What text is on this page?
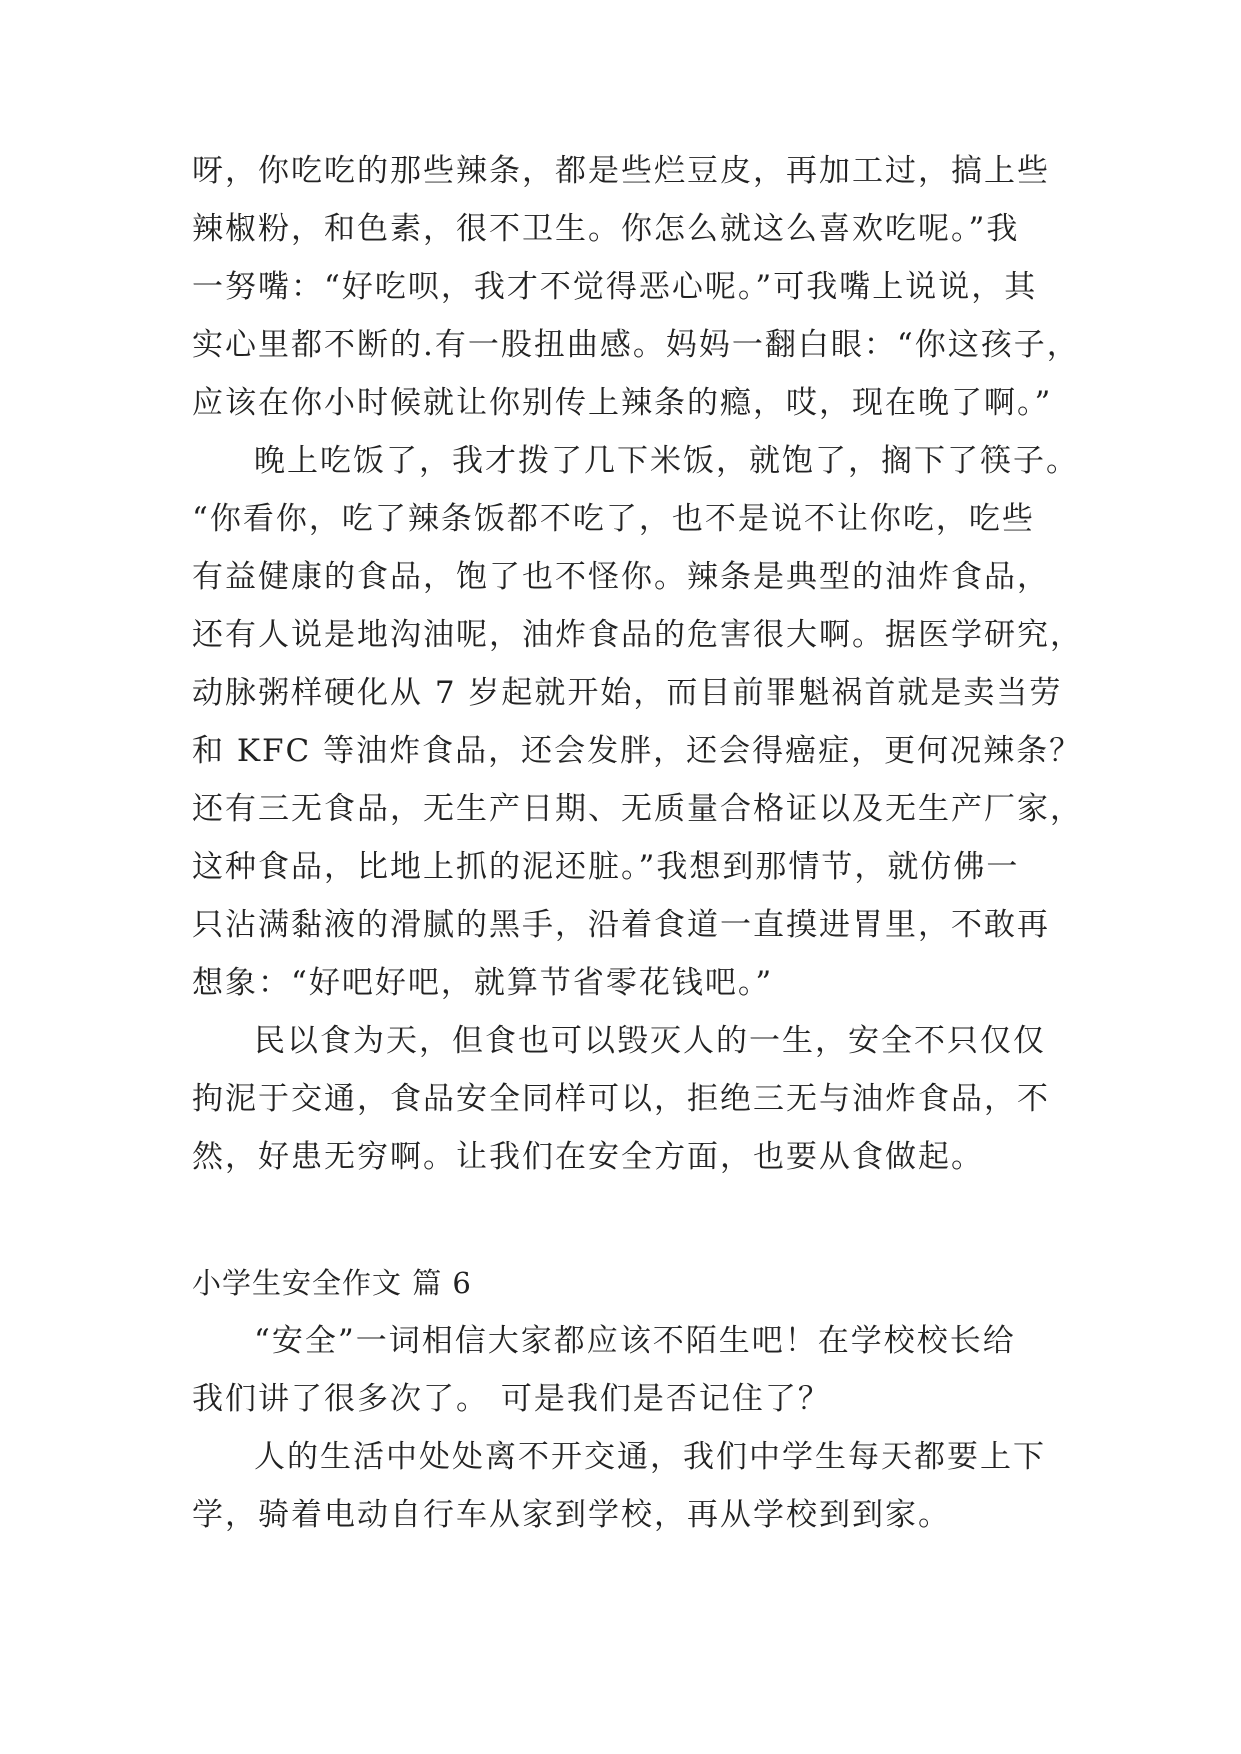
呀，你吃吃的那些辣条，都是些烂豆皮，再加工过，搞上些
辣椒粉，和色素，很不卫生。你怎么就这么喜欢吃呢。”我
一努嘴：“好吃呗，我才不觉得恶心呢。”可我嘴上说说，其
实心里都不断的.有一股扭曲感。妈妈一翻白眼：“你这孩子，
应该在你小时候就让你别传上辣条的瘾，哎，现在晚了啊。”
晚上吃饭了，我才拨了几下米饭，就饱了，搁下了筷子。
“你看你，吃了辣条饭都不吃了，也不是说不让你吃，吃些
有益健康的食品，饱了也不怪你。辣条是典型的油炸食品，
还有人说是地沟油呢，油炸食品的危害很大啊。据医学研究，
动脉粥样硬化从 7 岁起就开始，而目前罪魁祸首就是卖当劳
和 KFC 等油炸食品，还会发胖，还会得癌症，更何况辣条？
还有三无食品，无生产日期、无质量合格证以及无生产厂家，
这种食品，比地上抓的泥还脏。”我想到那情节，就仿佛一
只沾满黏液的滑腻的黑手，沿着食道一直摸进胃里，不敢再
想象：“好吧好吧，就算节省零花钱吧。”
民以食为天，但食也可以毁灭人的一生，安全不只仅仅
拘泥于交通，食品安全同样可以，拒绝三无与油炸食品，不
然，好患无穷啊。让我们在安全方面，也要从食做起。
小学生安全作文 篇 6
“安全”一词相信大家都应该不陌生吧！在学校校长给
我们讲了很多次了。 可是我们是否记住了？
人的生活中处处离不开交通，我们中学生每天都要上下
学，骑着电动自行车从家到学校，再从学校到到家。
